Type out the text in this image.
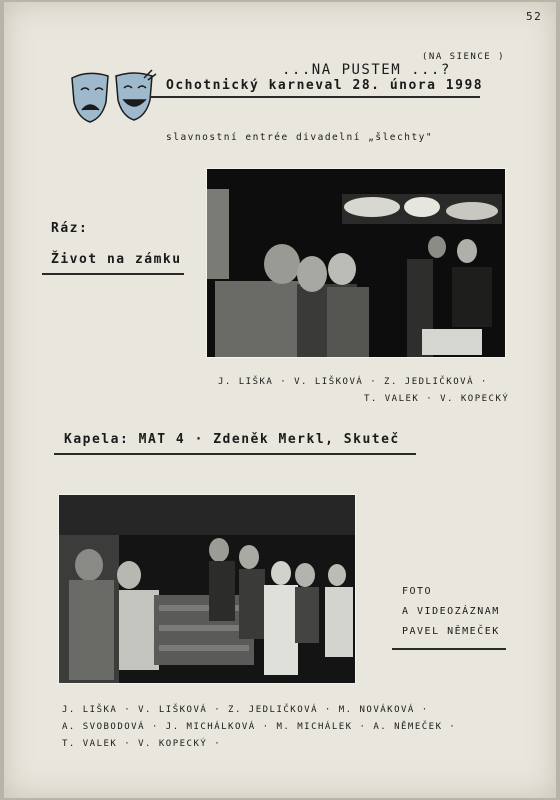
52
...NA PUSTEM ...?
(NA SIENCE )
Ochotnický karneval 28. února 1998
slavnostní entrée divadelní „šlechty"
Ráz:
Život na zámku
J. LIŠKA · V. LIŠKOVÁ · Z. JEDLIČKOVÁ ·
T. VALEK · V. KOPECKÝ
Kapela: MAT 4 · Zdeněk Merkl, Skuteč
FOTO
A VIDEOZÁZNAM
PAVEL NĚMEČEK
J. LIŠKA · V. LIŠKOVÁ · Z. JEDLIČKOVÁ · M. NOVÁKOVÁ ·
A. SVOBODOVÁ · J. MICHÁLKOVÁ · M. MICHÁLEK · A. NĚMEČEK ·
T. VALEK · V. KOPECKÝ ·
